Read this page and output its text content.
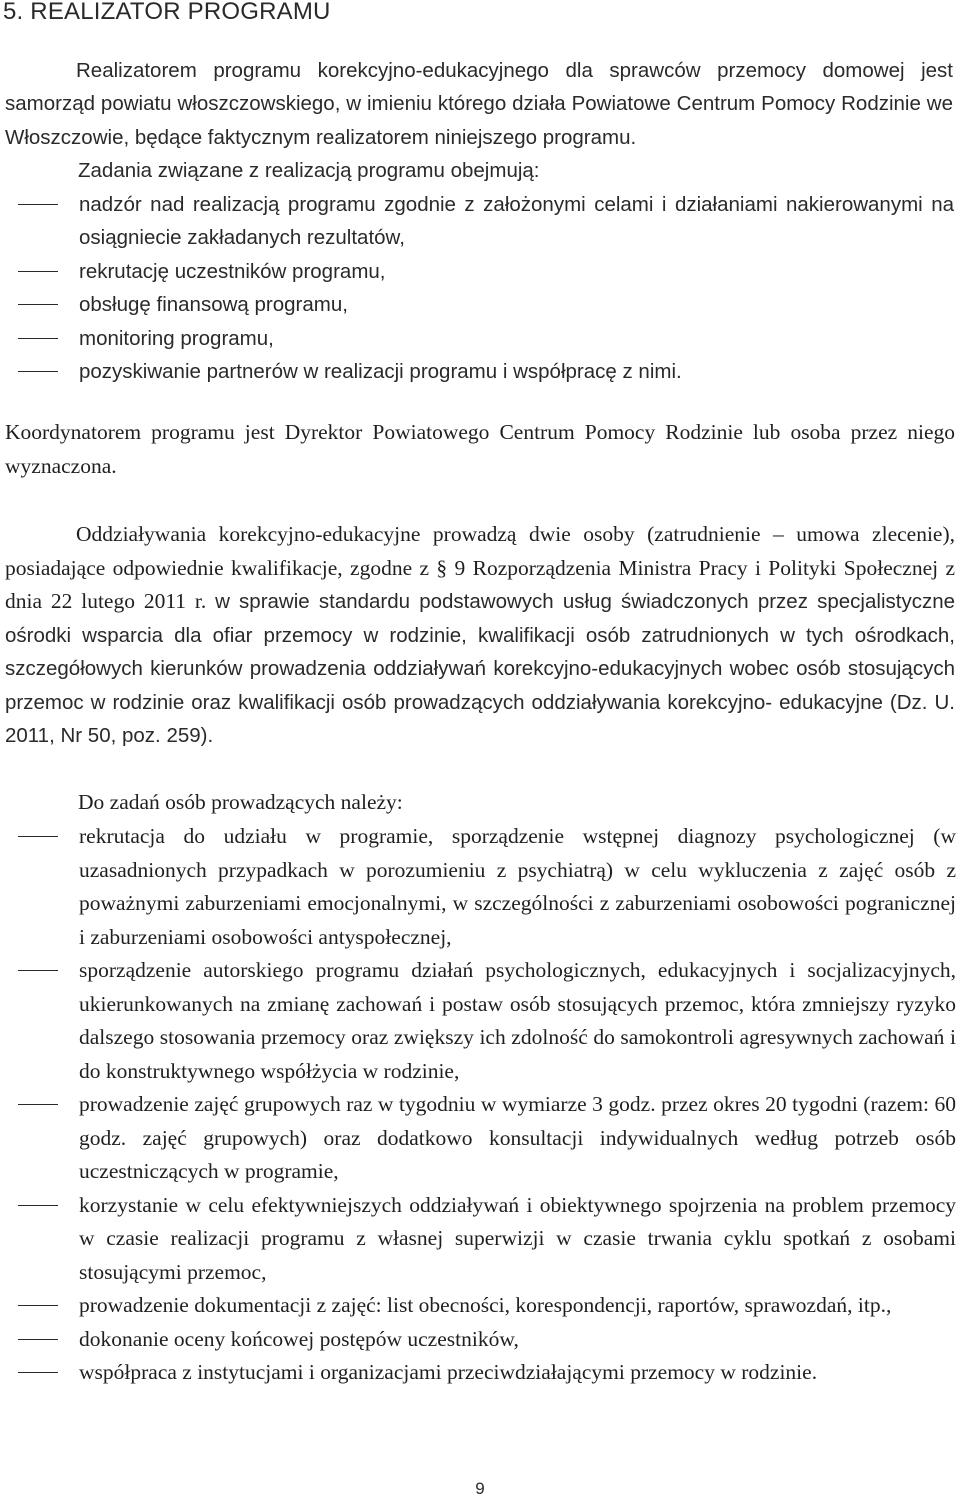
5. REALIZATOR PROGRAMU

Realizatorem programu korekcyjno-edukacyjnego dla sprawców przemocy domowej jest samorząd powiatu włoszczowskiego, w imieniu którego działa Powiatowe Centrum Pomocy Rodzinie we Włoszczowie, będące faktycznym realizatorem niniejszego programu.

Zadania związane z realizacją programu obejmują:

nadzór nad realizacją programu zgodnie z założonymi celami i działaniami nakierowanymi na osiągniecie zakładanych rezultatów,
rekrutację uczestników programu,
obsługę finansową programu,
monitoring programu,
pozyskiwanie partnerów w realizacji programu i współpracę z nimi.

Koordynatorem programu jest Dyrektor Powiatowego Centrum Pomocy Rodzinie lub osoba przez niego wyznaczona.

Oddziaływania korekcyjno-edukacyjne prowadzą dwie osoby (zatrudnienie – umowa zlecenie), posiadające odpowiednie kwalifikacje, zgodne z § 9 Rozporządzenia Ministra Pracy i Polityki Społecznej z dnia 22 lutego 2011 r. w sprawie standardu podstawowych usług świadczonych przez specjalistyczne ośrodki wsparcia dla ofiar przemocy w rodzinie, kwalifikacji osób zatrudnionych w tych ośrodkach, szczegółowych kierunków prowadzenia oddziaływań korekcyjno-edukacyjnych wobec osób stosujących przemoc w rodzinie oraz kwalifikacji osób prowadzących oddziaływania korekcyjno- edukacyjne (Dz. U. 2011, Nr 50, poz. 259).

Do zadań osób prowadzących należy:

rekrutacja do udziału w programie, sporządzenie wstępnej diagnozy psychologicznej (w uzasadnionych przypadkach w porozumieniu z psychiatrą) w celu wykluczenia z zajęć osób z poważnymi zaburzeniami emocjonalnymi, w szczególności z zaburzeniami osobowości pogranicznej i zaburzeniami osobowości antyspołecznej,
sporządzenie autorskiego programu działań psychologicznych, edukacyjnych i socjalizacyjnych, ukierunkowanych na zmianę zachowań i postaw osób stosujących przemoc, która zmniejszy ryzyko dalszego stosowania przemocy oraz zwiększy ich zdolność do samokontroli agresywnych zachowań i do konstruktywnego współżycia w rodzinie,
prowadzenie zajęć grupowych raz w tygodniu w wymiarze 3 godz. przez okres 20 tygodni (razem: 60 godz. zajęć grupowych) oraz dodatkowo konsultacji indywidualnych według potrzeb osób uczestniczących w programie,
korzystanie w celu efektywniejszych oddziaływań i obiektywnego spojrzenia na problem przemocy w czasie realizacji programu z własnej superwizji w czasie trwania cyklu spotkań z osobami stosującymi przemoc,
prowadzenie dokumentacji z zajęć: list obecności, korespondencji, raportów, sprawozdań, itp.,
dokonanie oceny końcowej postępów uczestników,
współpraca z instytucjami i organizacjami przeciwdziałającymi przemocy w rodzinie.
9
